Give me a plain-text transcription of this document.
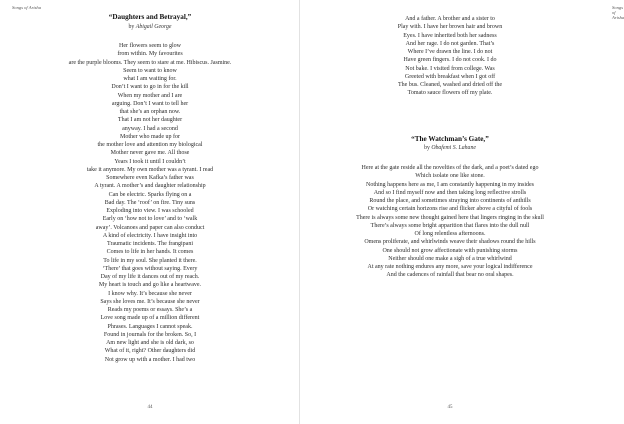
Songs of Arisha
“Daughters and Betrayal,”
by Abigail George
Her flowers seem to glow
from within. My favourites
are the purple blooms. They seem to stare at me. Hibiscus. Jasmine.
Seem to want to know
what I am waiting for.
Don’t I want to go in for the kill
When my mother and I are
arguing. Don’t I want to tell her
that she’s an orphan now.
That I am not her daughter
anyway. I had a second
Mother who made up for
the mother love and attention my biological
Mother never gave me. All those
Years I took it until I couldn’t
take it anymore. My own mother was a tyrant. I read
Somewhere even Kafka’s father was
A tyrant. A mother’s and daughter relationship
Can be electric. Sparks flying on a
Bad day. The ‘roof’ on fire. Tiny suns
Exploding into view. I was schooled
Early on ‘how not to love’ and to ‘walk
away’. Volcanoes and paper can also conduct
A kind of electricity. I have insight into
Traumatic incidents. The frangipani
Comes to life in her hands. It comes
To life in my soul. She planted it there.
‘There’ that goes without saying. Every
Day of my life it dances out of my reach.
My heart is touch and go like a heartwave.
I know why. It’s because she never
Says she loves me. It’s because she never
Reads my poems or essays. She’s a
Love song made up of a million different
Phrases. Languages I cannot speak.
Found in journals for the broken. So, I
Am new light and she is old dark, so
What of it, right? Other daughters did
Not grow up with a mother. I had two
44
Songs of Arisha
And a father. A brother and a sister to
Play with. I have her brown hair and brown
Eyes. I have inherited both her sadness
And her rage. I do not garden. That’s
Where I’ve drawn the line. I do not
Have green fingers. I do not cook. I do
Not bake. I visited from college. Was
Greeted with breakfast when I got off
The bus. Cleaned, washed and dried off the
Tomato sauce flowers off my plate.
“The Watchman’s Gate,”
by Obafemi S. Lahane
Here at the gate reside all the novelties of the dark, and a poet’s dated ego
Which isolate one like stone.
Nothing happens here as me, I am constantly happening in my insides
And so I find myself now and then taking long reflective strolls
Round the place, and sometimes straying into continents of anthills
Or watching certain horizons rise and flicker above a cityful of fools
There is always some new thought gained here that lingers ringing in the skull
There’s always some bright apparition that flares into the dull null
Of long relentless afternoons.
Omens proliferate, and whirlwinds weave their shadows round the hills
One should not grow affectionate with punishing storms
Neither should one make a sigh of a true whirlwind
At any rate nothing endures any more, save your logical indifference
And the cadences of rainfall that bear no oral shapes.
45
